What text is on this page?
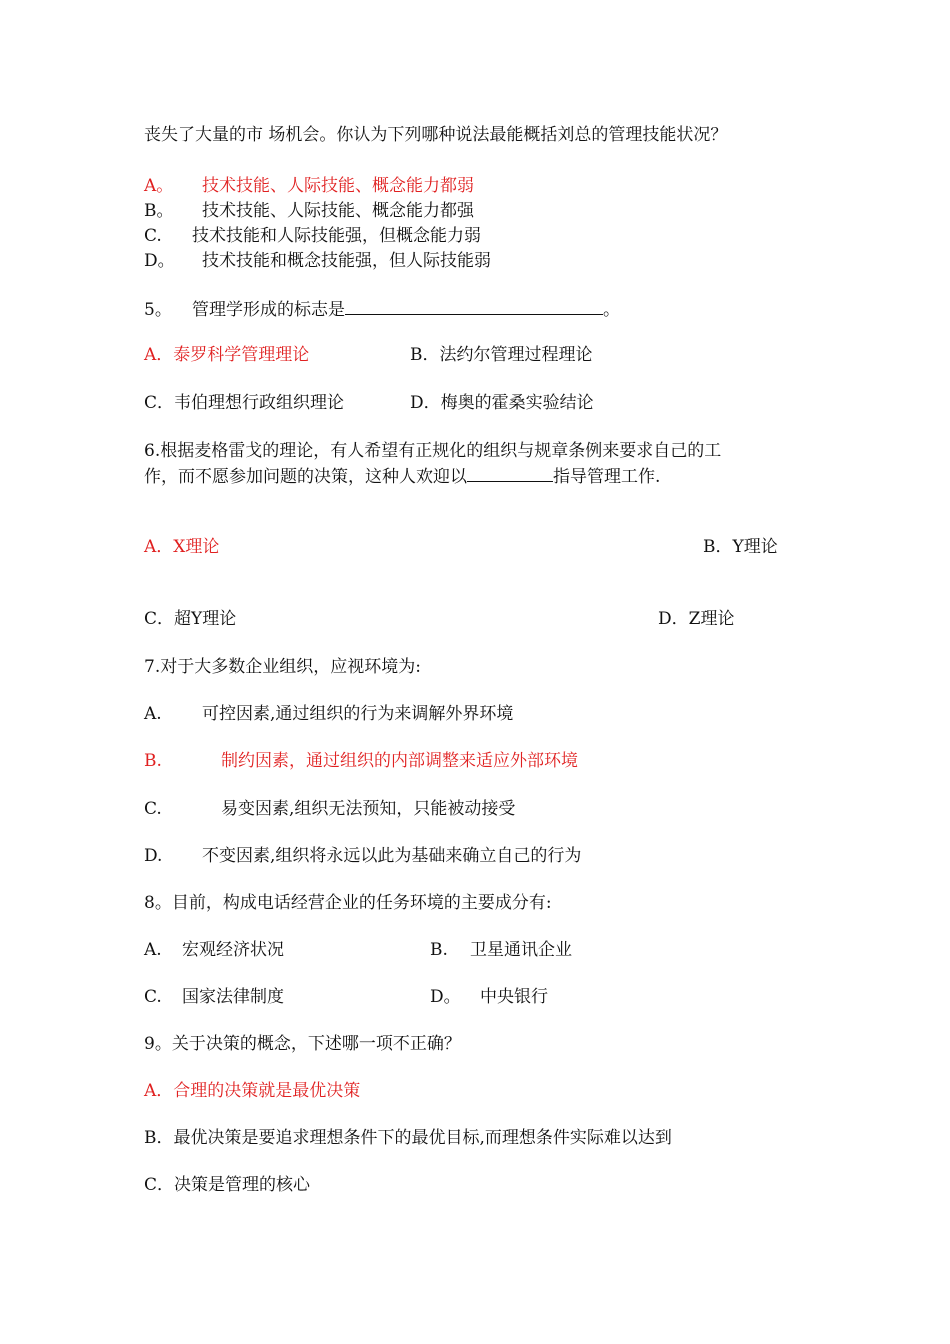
丧失了大量的市 场机会。你认为下列哪种说法最能概括刘总的管理技能状况？
A。 技术技能、人际技能、概念能力都弱
B。 技术技能、人际技能、概念能力都强
C. 技术技能和人际技能强，但概念能力弱
D。 技术技能和概念技能强，但人际技能弱
5。 管理学形成的标志是	。
A．泰罗科学管理理论	B．法约尔管理过程理论
C．韦伯理想行政组织理论	D．梅奥的霍桑实验结论
6.根据麦格雷戈的理论，有人希望有正规化的组织与规章条例来要求自己的工
作，而不愿参加问题的决策，这种人欢迎以	指导管理工作.
A．X理论	B．Y理论
C．超Y理论	D．Z理论
7.对于大多数企业组织，应视环境为:
A. 可控因素,通过组织的行为来调解外界环境
B.	制约因素，通过组织的内部调整来适应外部环境
C.	易变因素,组织无法预知，只能被动接受
D. 不变因素,组织将永远以此为基础来确立自己的行为
8。目前，构成电话经营企业的任务环境的主要成分有:
A. 宏观经济状况	B. 卫星通讯企业
C. 国家法律制度	D。 中央银行
9。关于决策的概念，下述哪一项不正确？
A．合理的决策就是最优决策
B．最优决策是要追求理想条件下的最优目标,而理想条件实际难以达到
C．决策是管理的核心
